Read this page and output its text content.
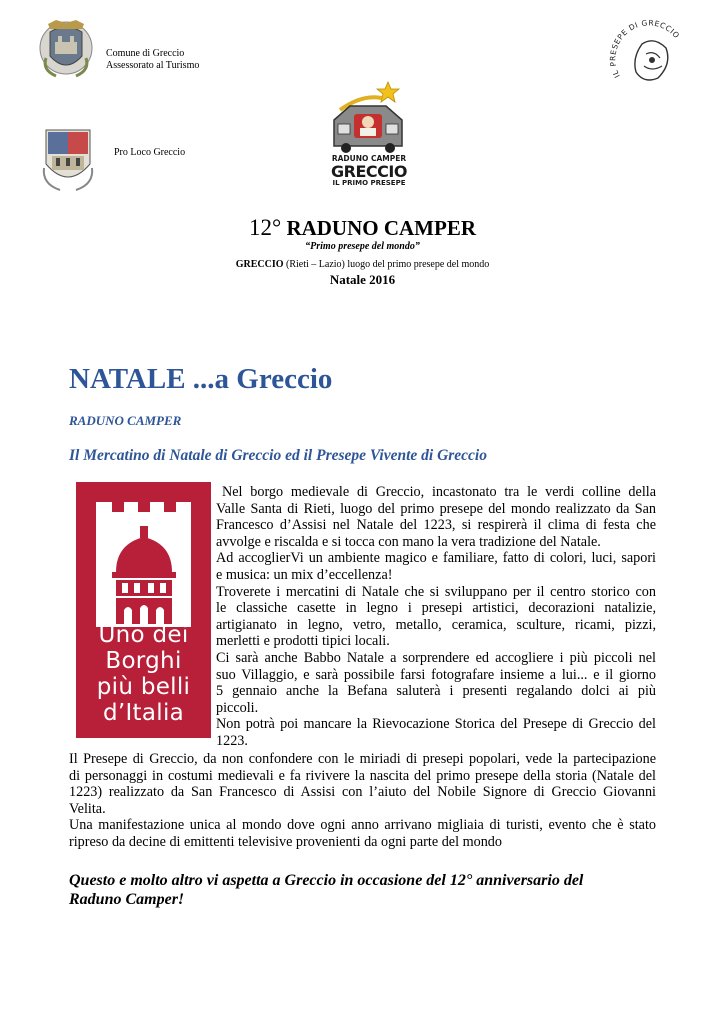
Comune di Greccio
Assessorato al Turismo
Pro Loco Greccio
RADUNO CAMPER
GRECCIO
IL PRIMO PRESEPE
IL PRESEPE DI GRECCIO
12° RADUNO CAMPER
“Primo presepe del mondo”
GRECCIO (Rieti – Lazio) luogo del primo presepe del mondo
Natale 2016
NATALE ...a Greccio
RADUNO CAMPER
Il Mercatino di Natale di Greccio ed il Presepe Vivente di Greccio
Uno dei
Borghi
più belli
d’Italia
Nel borgo medievale di Greccio, incastonato tra le verdi colline della
Valle Santa di Rieti, luogo del primo presepe del mondo realizzato da San
Francesco d’Assisi nel Natale del 1223, si respirerà il clima di festa che
avvolge e riscalda e si tocca con mano la vera tradizione del Natale.
Ad accoglierVi un ambiente magico e familiare, fatto di colori, luci, sapori
e musica: un mix d’eccellenza!
Troverete i mercatini di Natale che si sviluppano per il centro storico con
le classiche casette in legno i presepi artistici, decorazioni natalizie,
artigianato in legno, vetro, metallo, ceramica, sculture, ricami, pizzi,
merletti e prodotti tipici locali.
Ci sarà anche Babbo Natale a sorprendere ed accogliere i più piccoli nel
suo Villaggio, e sarà possibile farsi fotografare insieme a lui... e il giorno
5 gennaio anche la Befana saluterà i presenti regalando dolci ai più
piccoli.
Non potrà poi mancare la Rievocazione Storica del Presepe di Greccio del
1223.
Il Presepe di Greccio, da non confondere con le miriadi di presepi popolari, vede la partecipazione
di personaggi in costumi medievali e fa rivivere la nascita del primo presepe della storia (Natale del
1223) realizzato da San Francesco di Assisi con l’aiuto del Nobile Signore di Greccio Giovanni
Velita.
Una manifestazione unica al mondo dove ogni anno arrivano migliaia di turisti, evento che è stato
ripreso da decine di emittenti televisive provenienti da ogni parte del mondo
Questo e molto altro vi aspetta a Greccio in occasione del 12° anniversario del
Raduno Camper!
